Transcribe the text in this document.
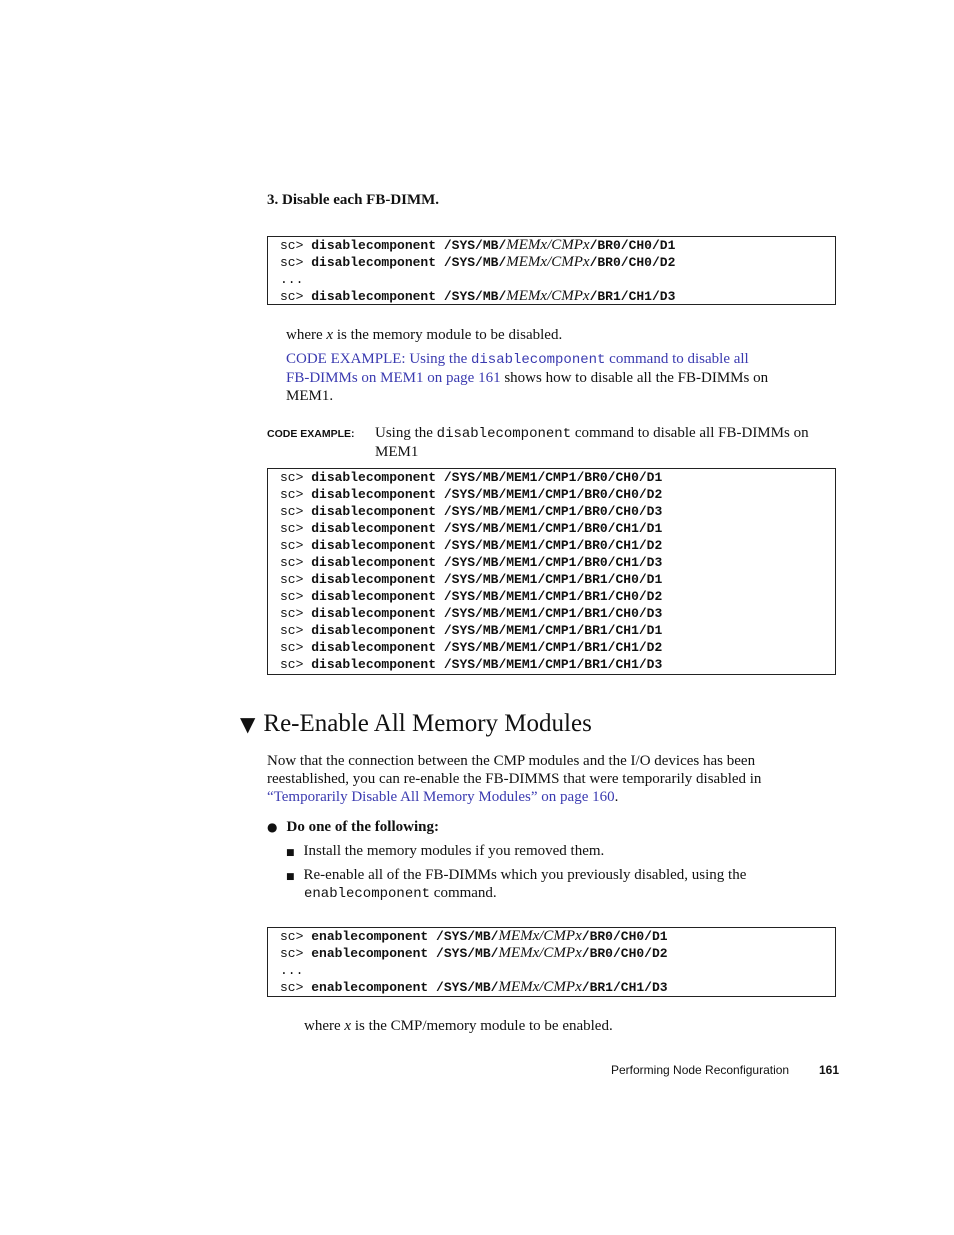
3. Disable each FB-DIMM.
sc> disablecomponent /SYS/MB/MEMx/CMPx/BR0/CH0/D1
sc> disablecomponent /SYS/MB/MEMx/CMPx/BR0/CH0/D2
...
sc> disablecomponent /SYS/MB/MEMx/CMPx/BR1/CH1/D3
where x is the memory module to be disabled.
CODE EXAMPLE: Using the disablecomponent command to disable all
FB-DIMMs on MEM1 on page 161 shows how to disable all the FB-DIMMs on
MEM1.
CODE EXAMPLE: Using the disablecomponent command to disable all FB-DIMMs on
MEM1
sc> disablecomponent /SYS/MB/MEM1/CMP1/BR0/CH0/D1
sc> disablecomponent /SYS/MB/MEM1/CMP1/BR0/CH0/D2
sc> disablecomponent /SYS/MB/MEM1/CMP1/BR0/CH0/D3
sc> disablecomponent /SYS/MB/MEM1/CMP1/BR0/CH1/D1
sc> disablecomponent /SYS/MB/MEM1/CMP1/BR0/CH1/D2
sc> disablecomponent /SYS/MB/MEM1/CMP1/BR0/CH1/D3
sc> disablecomponent /SYS/MB/MEM1/CMP1/BR1/CH0/D1
sc> disablecomponent /SYS/MB/MEM1/CMP1/BR1/CH0/D2
sc> disablecomponent /SYS/MB/MEM1/CMP1/BR1/CH0/D3
sc> disablecomponent /SYS/MB/MEM1/CMP1/BR1/CH1/D1
sc> disablecomponent /SYS/MB/MEM1/CMP1/BR1/CH1/D2
sc> disablecomponent /SYS/MB/MEM1/CMP1/BR1/CH1/D3
▼ Re-Enable All Memory Modules
Now that the connection between the CMP modules and the I/O devices has been
reestablished, you can re-enable the FB-DIMMS that were temporarily disabled in
“Temporarily Disable All Memory Modules” on page 160.
● Do one of the following:
■ Install the memory modules if you removed them.
■ Re-enable all of the FB-DIMMs which you previously disabled, using the
enablecomponent command.
sc> enablecomponent /SYS/MB/MEMx/CMPx/BR0/CH0/D1
sc> enablecomponent /SYS/MB/MEMx/CMPx/BR0/CH0/D2
...
sc> enablecomponent /SYS/MB/MEMx/CMPx/BR1/CH1/D3
where x is the CMP/memory module to be enabled.
Performing Node Reconfiguration 161
